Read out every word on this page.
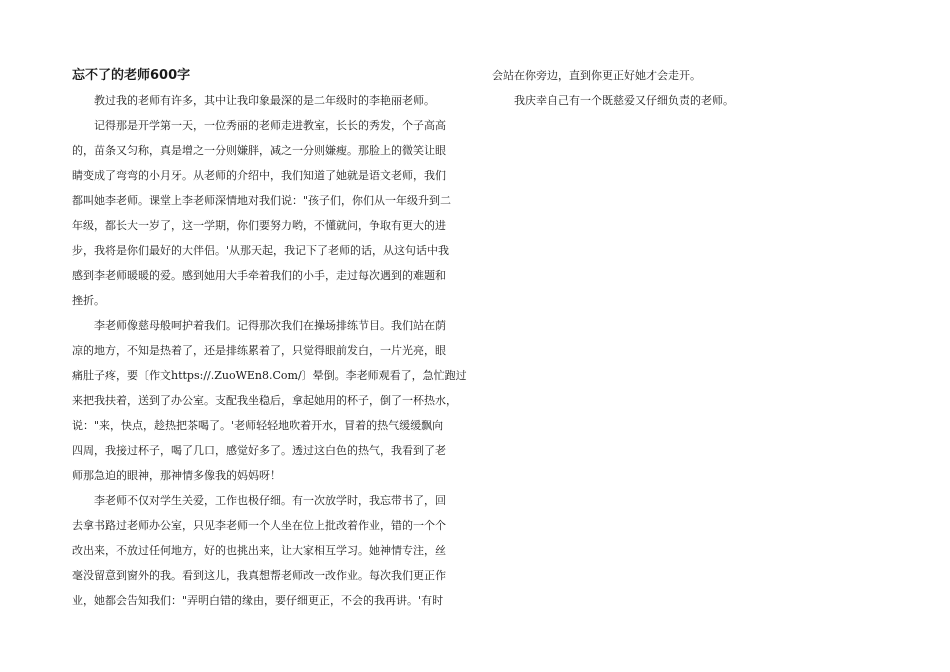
忘不了的老师600字
教过我的老师有许多，其中让我印象最深的是二年级时的李艳丽老师。
记得那是开学第一天，一位秀丽的老师走进教室，长长的秀发，个子高高
的，苗条又匀称，真是增之一分则嫌胖，减之一分则嫌瘦。那脸上的微笑让眼
睛变成了弯弯的小月牙。从老师的介绍中，我们知道了她就是语文老师，我们
都叫她李老师。课堂上李老师深情地对我们说："孩子们，你们从一年级升到二
年级，都长大一岁了，这一学期，你们要努力哟，不懂就问，争取有更大的进
步，我将是你们最好的大伴侣。'从那天起，我记下了老师的话，从这句话中我
感到李老师暖暖的爱。感到她用大手牵着我们的小手，走过每次遇到的难题和
挫折。
李老师像慈母般呵护着我们。记得那次我们在操场排练节目。我们站在荫
凉的地方，不知是热着了，还是排练累着了，只觉得眼前发白，一片光亮，眼
痛肚子疼，要〔作文https://.ZuoWEn8.Com/〕晕倒。李老师观看了，急忙跑过
来把我扶着，送到了办公室。支配我坐稳后，拿起她用的杯子，倒了一杯热水，
说："来，快点，趁热把茶喝了。'老师轻轻地吹着开水，冒着的热气缓缓飘向
四周，我接过杯子，喝了几口，感觉好多了。透过这白色的热气，我看到了老
师那急迫的眼神，那神情多像我的妈妈呀！
李老师不仅对学生关爱，工作也极仔细。有一次放学时，我忘带书了，回
去拿书路过老师办公室，只见李老师一个人坐在位上批改着作业，错的一个个
改出来，不放过任何地方，好的也挑出来，让大家相互学习。她神情专注，丝
毫没留意到窗外的我。看到这儿，我真想帮老师改一改作业。每次我们更正作
业，她都会告知我们："弄明白错的缘由，要仔细更正，不会的我再讲。'有时
会站在你旁边，直到你更正好她才会走开。
我庆幸自己有一个既慈爱又仔细负责的老师。
